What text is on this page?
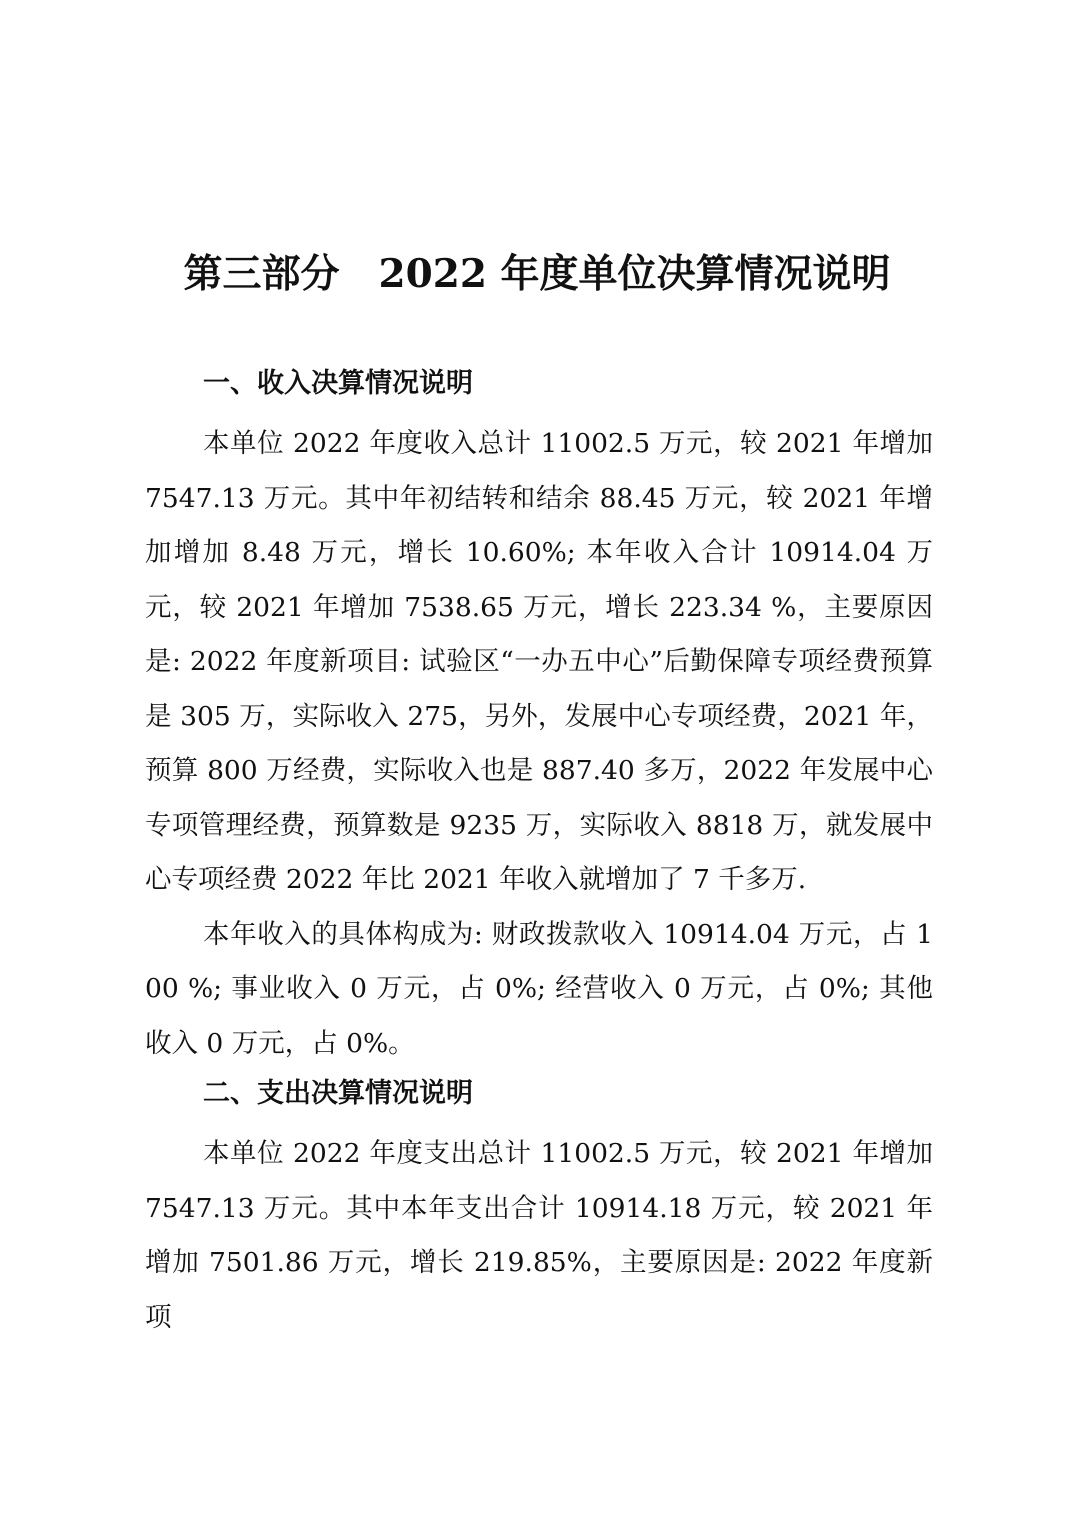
第三部分　2022 年度单位决算情况说明
一、收入决算情况说明

本单位 2022 年度收入总计 11002.5 万元，较 2021 年增加 7547.13 万元。其中年初结转和结余 88.45 万元，较 2021 年增加增加 8.48 万元，增长 10.60%; 本年收入合计 10914.04 万元，较 2021 年增加 7538.65 万元，增长 223.34 %，主要原因是: 2022 年度新项目: 试验区“一办五中心”后勤保障专项经费预算是 305 万，实际收入 275，另外，发展中心专项经费，2021 年，预算 800 万经费，实际收入也是 887.40 多万，2022 年发展中心专项管理经费，预算数是 9235 万，实际收入 8818 万，就发展中心专项经费 2022 年比 2021 年收入就增加了 7 千多万.

本年收入的具体构成为: 财政拨款收入 10914.04 万元，占 100 %; 事业收入 0 万元，占 0%; 经营收入 0 万元，占 0%; 其他收入 0 万元，占 0%。

二、支出决算情况说明

本单位 2022 年度支出总计 11002.5 万元，较 2021 年增加 7547.13 万元。其中本年支出合计 10914.18 万元，较 2021 年增加 7501.86 万元，增长 219.85%，主要原因是: 2022 年度新项
